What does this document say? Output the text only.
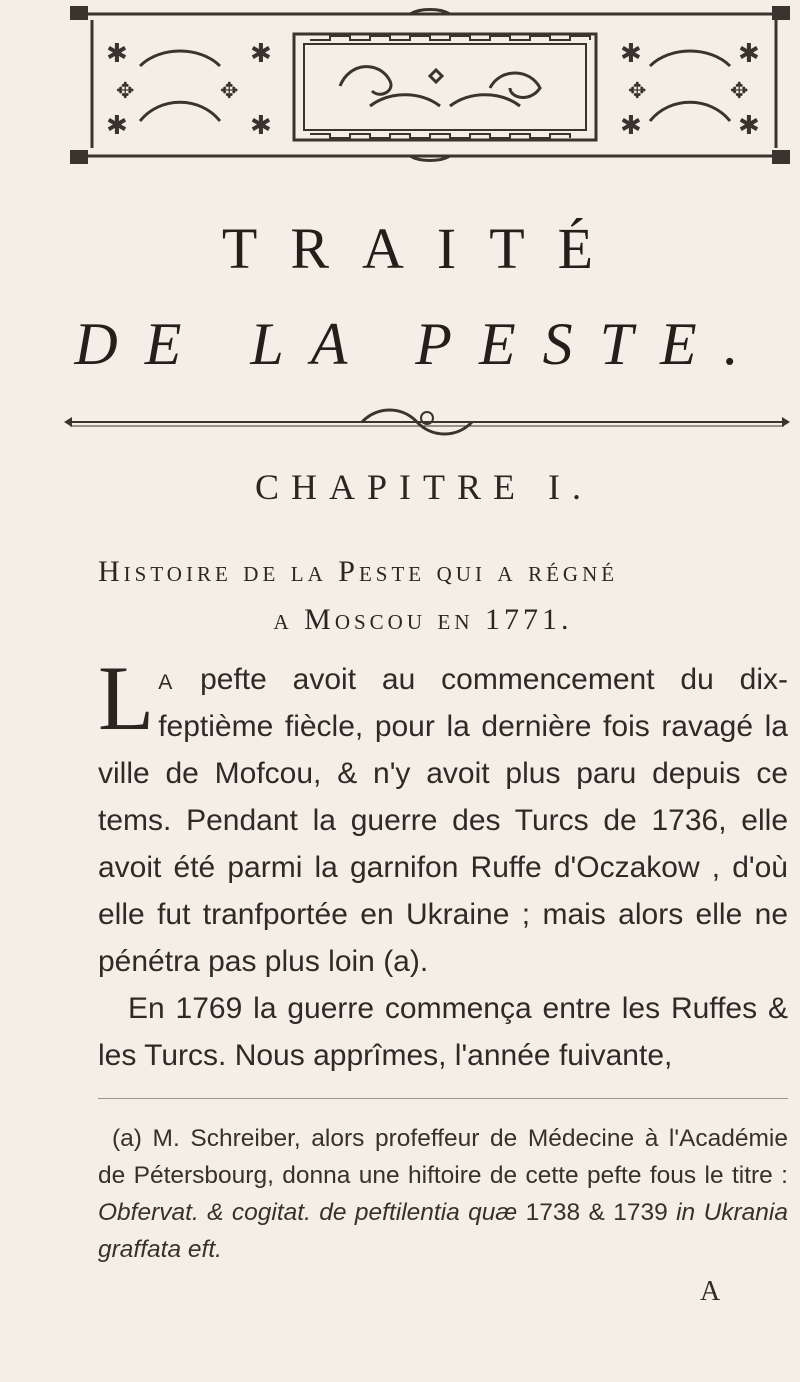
✱	✱
✱	✱
✥	✥
✱	✱
✱	✱
✥	✥
TRAITÉ
DE LA PESTE.
CHAPITRE I.
Histoire de la Peste qui a régné
a Moscou en 1771.

La pefte avoit au commencement du dix-feptième fiècle, pour la dernière fois ravagé la ville de Mofcou, & n'y avoit plus paru depuis ce tems. Pendant la guerre des Turcs de 1736, elle avoit été parmi la garnifon Ruffe d'Oczakow , d'où elle fut tranfportée en Ukraine ; mais alors elle ne pénétra pas plus loin (a).

En 1769 la guerre commença entre les Ruffes & les Turcs. Nous apprîmes, l'année fuivante,

(a) M. Schreiber, alors profeffeur de Médecine à l'Académie de Pétersbourg, donna une hiftoire de cette pefte fous le titre : Obfervat. & cogitat. de peftilentia quæ 1738 & 1739 in Ukrania graffata eft.
A
